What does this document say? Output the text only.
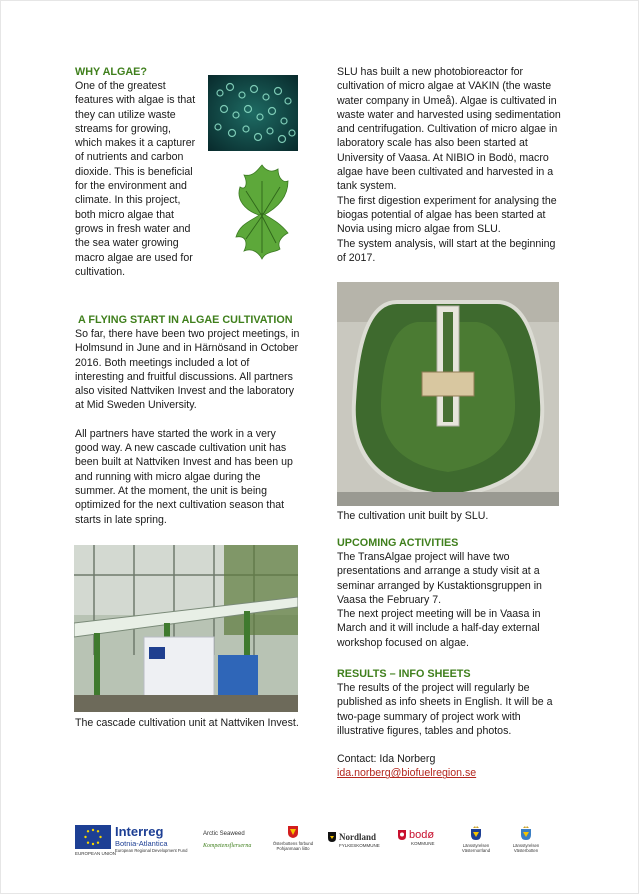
WHY ALGAE?

One of the greatest features with algae is that they can utilize waste streams for growing, which makes it a capturer of nutrients and carbon dioxide. This is beneficial for the environment and climate. In this project, both micro algae that grows in fresh water and the sea water growing macro algae are used for cultivation.

A FLYING START IN ALGAE CULTIVATION

So far, there have been two project meetings, in Holmsund in June and in Härnösand in October 2016. Both meetings included a lot of interesting and fruitful discussions. All partners also visited Nattviken Invest and the laboratory at Mid Sweden University.

All partners have started the work in a very good way. A new cascade cultivation unit has been built at Nattviken Invest and has been up and running with micro algae during the summer. At the moment, the unit is being optimized for the next cultivation season that starts in late spring.

The cascade cultivation unit at Nattviken Invest.

SLU has built a new photobioreactor for cultivation of micro algae at VAKIN (the waste water company in Umeå). Algae is cultivated in waste water and harvested using sedimentation and centrifugation. Cultivation of micro algae in laboratory scale has also been started at University of Vaasa. At NIBIO in Bodö, macro algae have been cultivated and harvested in a tank system.

The first digestion experiment for analysing the biogas potential of algae has been started at Novia using micro algae from SLU.

The system analysis, will start at the beginning of 2017.

The cultivation unit built by SLU.

UPCOMING ACTIVITIES

The TransAlgae project will have two presentations and arrange a study visit at a seminar arranged by Kustaktionsgruppen in Vaasa the February 7.

The next project meeting will be in Vaasa in March and it will include a half-day external workshop focused on algae.

RESULTS – INFO SHEETS

The results of the project will regularly be published as info sheets in English. It will be a two-page summary of project work with illustrative figures, tables and photos.

Contact: Ida Norberg

ida.norberg@biofuelregion.se

EUROPEAN UNION
Interreg
Botnia-Atlantica
European Regional Development Fund
Arctic Seaweed
Kompetensflerserna	Österbottens förbund
Pohjanmaan liitto
Nordland
FYLKESKOMMUNE
bodø
KOMMUNE	Länsstyrelsen
Västernorrland
Länsstyrelsen
Västerbotten
